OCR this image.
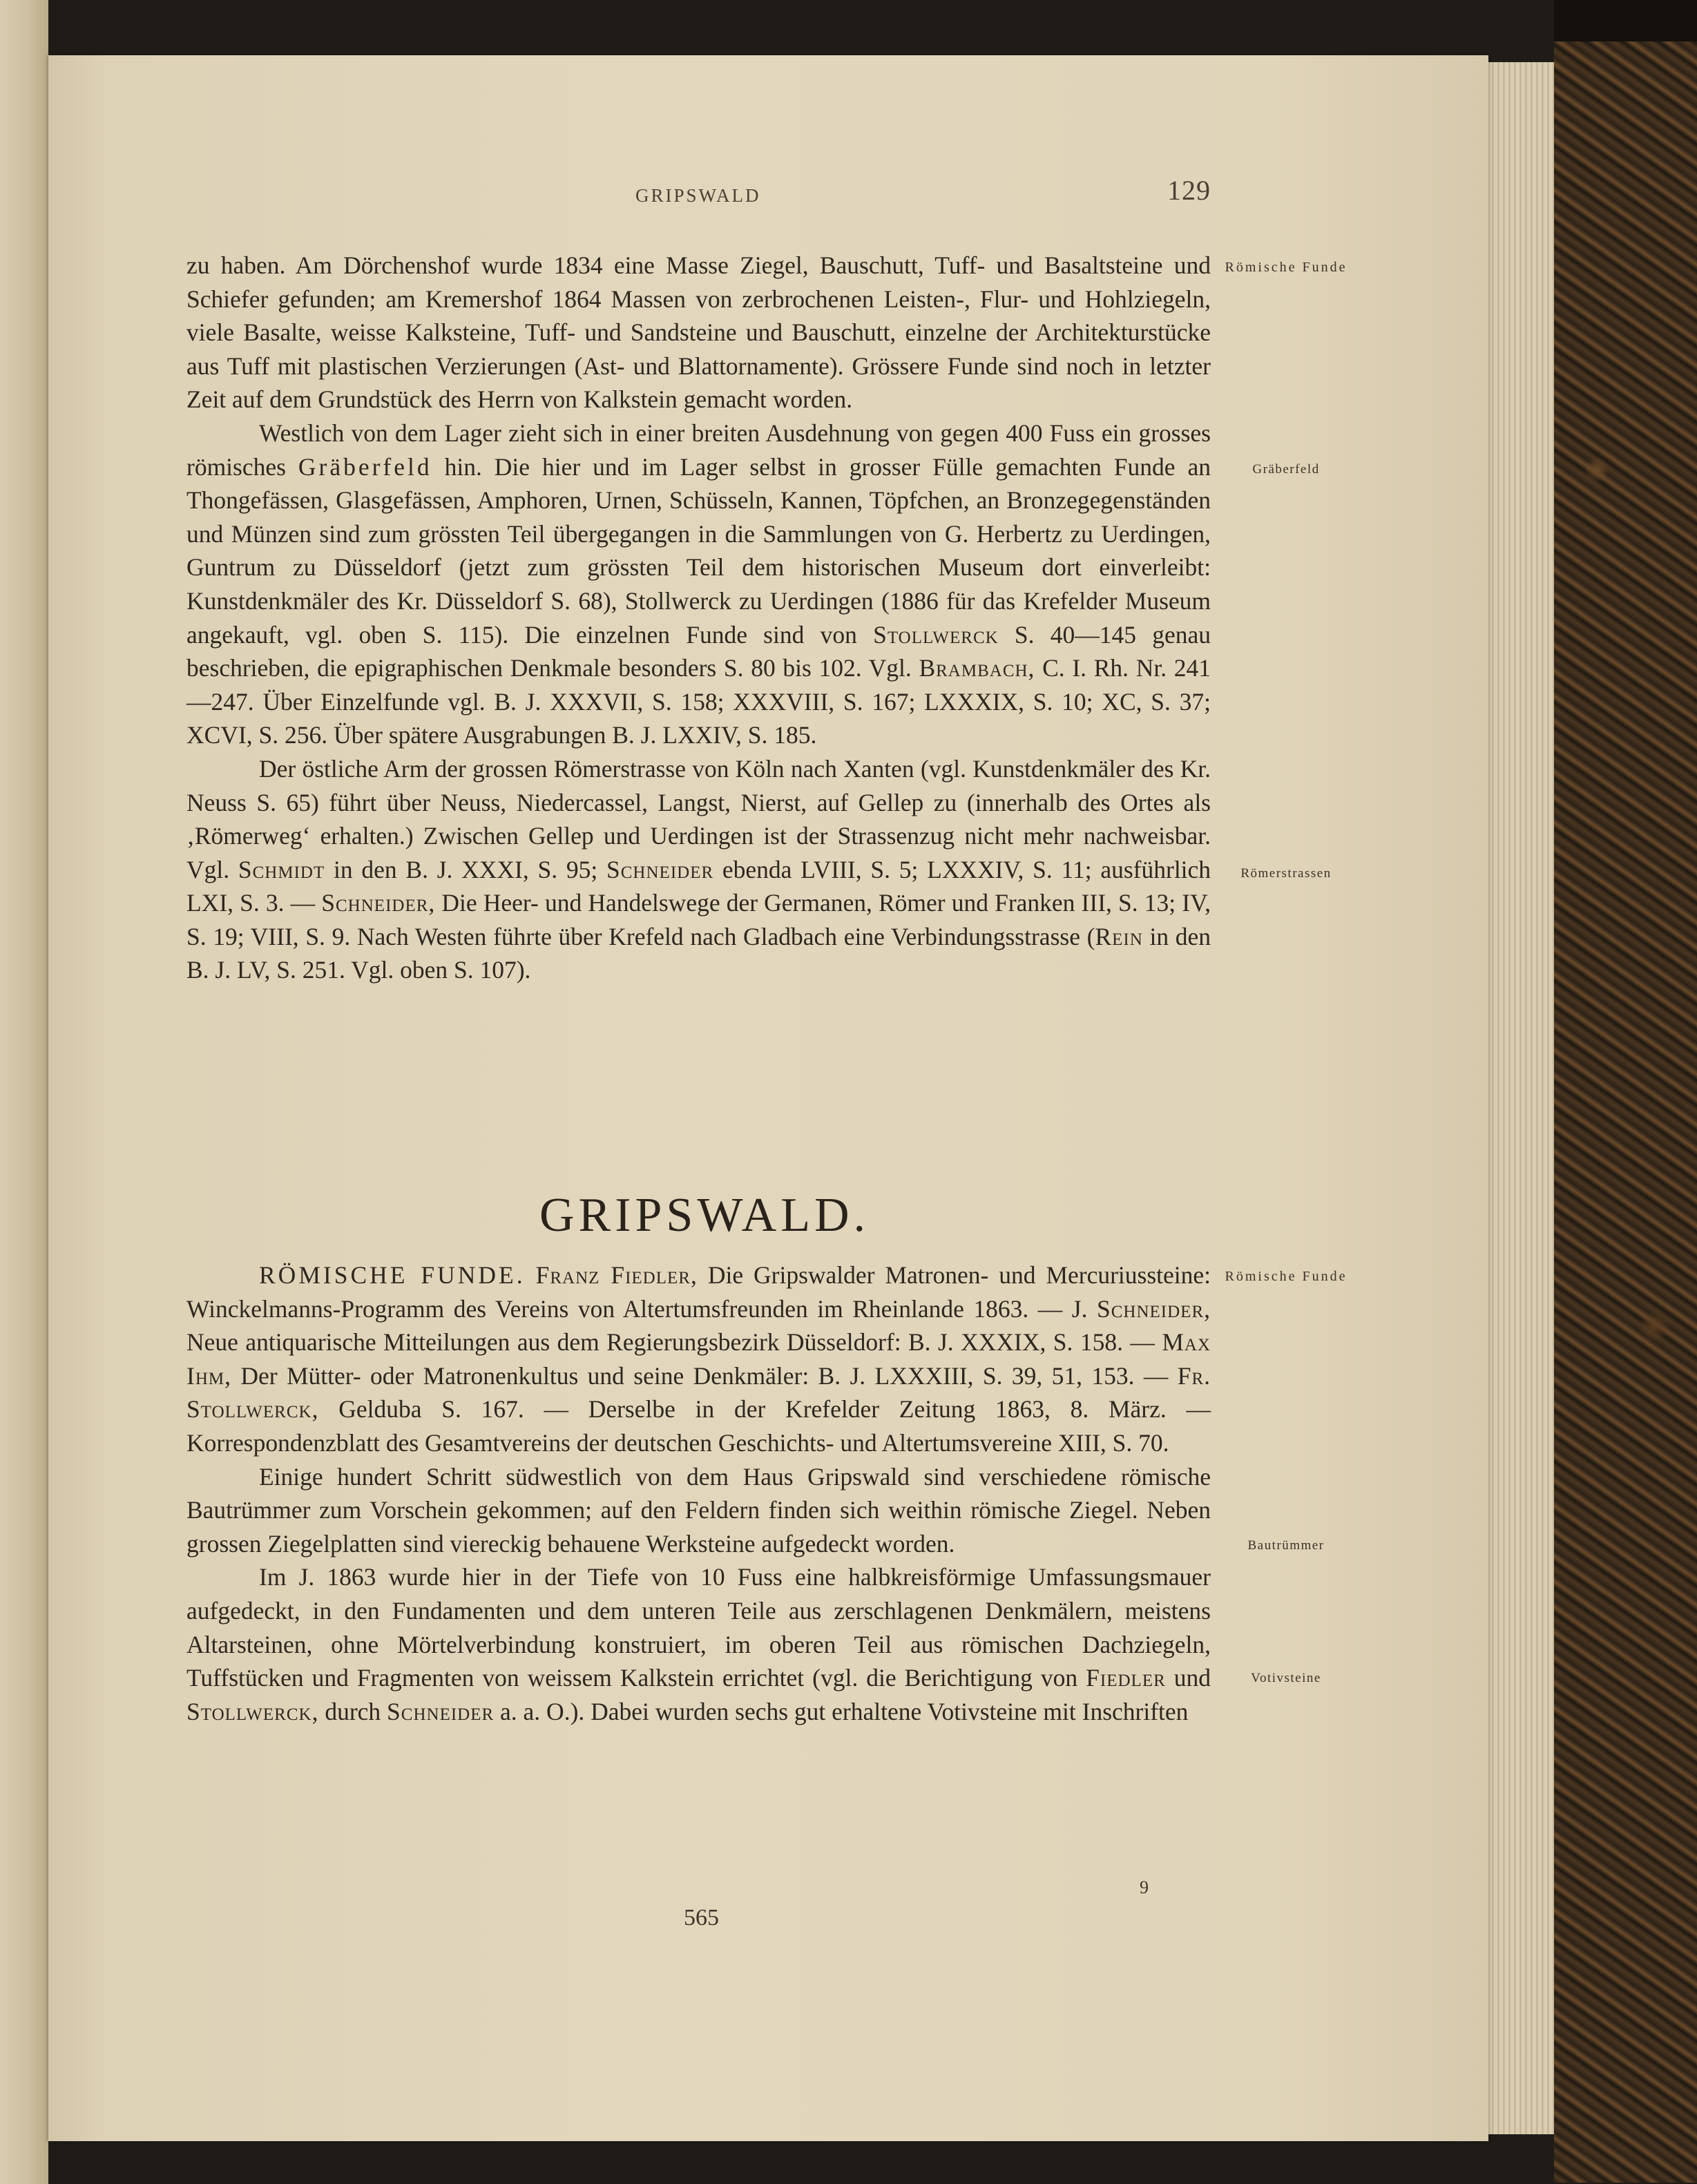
GRIPSWALD	129

zu haben. Am Dörchenshof wurde 1834 eine Masse Ziegel, Bauschutt, Tuff- und Basaltsteine und Schiefer gefunden; am Kremershof 1864 Massen von zerbrochenen Leisten-, Flur- und Hohlziegeln, viele Basalte, weisse Kalksteine, Tuff- und Sandsteine und Bauschutt, einzelne der Architekturstücke aus Tuff mit plastischen Verzierungen (Ast- und Blattornamente). Grössere Funde sind noch in letzter Zeit auf dem Grundstück des Herrn von Kalkstein gemacht worden.

Westlich von dem Lager zieht sich in einer breiten Ausdehnung von gegen 400 Fuss ein grosses römisches Gräberfeld hin. Die hier und im Lager selbst in grosser Fülle gemachten Funde an Thongefässen, Glasgefässen, Amphoren, Urnen, Schüsseln, Kannen, Töpfchen, an Bronzegegenständen und Münzen sind zum grössten Teil übergegangen in die Sammlungen von G. Herbertz zu Uerdingen, Guntrum zu Düsseldorf (jetzt zum grössten Teil dem historischen Museum dort einverleibt: Kunstdenkmäler des Kr. Düsseldorf S. 68), Stollwerck zu Uerdingen (1886 für das Krefelder Museum angekauft, vgl. oben S. 115). Die einzelnen Funde sind von Stollwerck S. 40—145 genau beschrieben, die epigraphischen Denkmale besonders S. 80 bis 102. Vgl. Brambach, C. I. Rh. Nr. 241—247. Über Einzelfunde vgl. B. J. XXXVII, S. 158; XXXVIII, S. 167; LXXXIX, S. 10; XC, S. 37; XCVI, S. 256. Über spätere Ausgrabungen B. J. LXXIV, S. 185.

Der östliche Arm der grossen Römerstrasse von Köln nach Xanten (vgl. Kunstdenkmäler des Kr. Neuss S. 65) führt über Neuss, Niedercassel, Langst, Nierst, auf Gellep zu (innerhalb des Ortes als ‚Römerweg‘ erhalten.) Zwischen Gellep und Uerdingen ist der Strassenzug nicht mehr nachweisbar. Vgl. Schmidt in den B. J. XXXI, S. 95; Schneider ebenda LVIII, S. 5; LXXXIV, S. 11; ausführlich LXI, S. 3. — Schneider, Die Heer- und Handelswege der Germanen, Römer und Franken III, S. 13; IV, S. 19; VIII, S. 9. Nach Westen führte über Krefeld nach Gladbach eine Verbindungsstrasse (Rein in den B. J. LV, S. 251. Vgl. oben S. 107).

GRIPSWALD.

RÖMISCHE FUNDE. Franz Fiedler, Die Gripswalder Matronen- und Mercuriussteine: Winckelmanns-Programm des Vereins von Altertumsfreunden im Rheinlande 1863. — J. Schneider, Neue antiquarische Mitteilungen aus dem Regierungsbezirk Düsseldorf: B. J. XXXIX, S. 158. — Max Ihm, Der Mütter- oder Matronenkultus und seine Denkmäler: B. J. LXXXIII, S. 39, 51, 153. — Fr. Stollwerck, Gelduba S. 167. — Derselbe in der Krefelder Zeitung 1863, 8. März. — Korrespondenzblatt des Gesamtvereins der deutschen Geschichts- und Altertumsvereine XIII, S. 70.

Einige hundert Schritt südwestlich von dem Haus Gripswald sind verschiedene römische Bautrümmer zum Vorschein gekommen; auf den Feldern finden sich weithin römische Ziegel. Neben grossen Ziegelplatten sind viereckig behauene Werksteine aufgedeckt worden.

Im J. 1863 wurde hier in der Tiefe von 10 Fuss eine halbkreisförmige Umfassungsmauer aufgedeckt, in den Fundamenten und dem unteren Teile aus zerschlagenen Denkmälern, meistens Altarsteinen, ohne Mörtelverbindung konstruiert, im oberen Teil aus römischen Dachziegeln, Tuffstücken und Fragmenten von weissem Kalkstein errichtet (vgl. die Berichtigung von Fiedler und Stollwerck, durch Schneider a. a. O.). Dabei wurden sechs gut erhaltene Votivsteine mit Inschriften

Römische Funde
Gräberfeld
Römerstrassen
Römische Funde
Bautrümmer
Votivsteine
9
565
